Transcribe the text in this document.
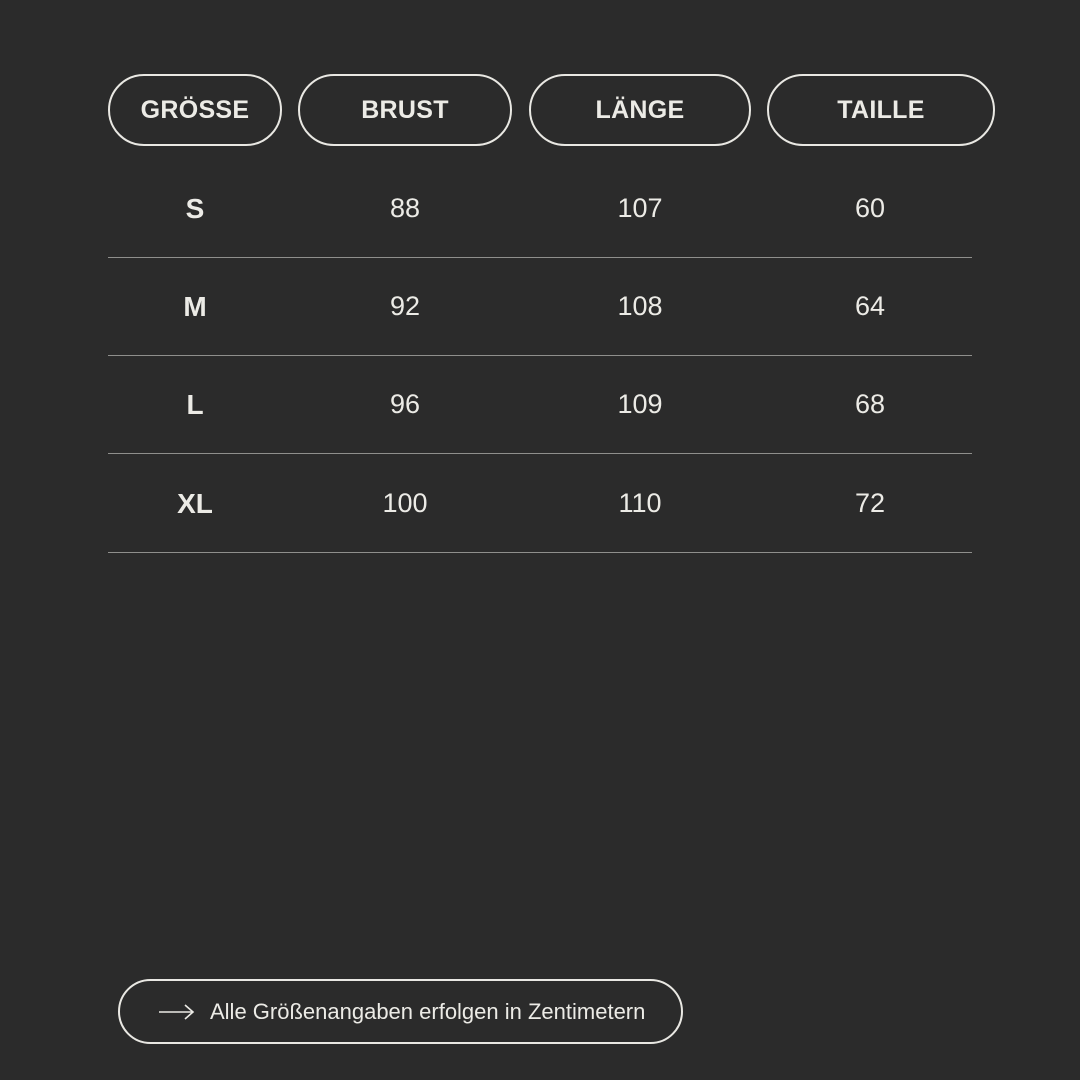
GRÖSSE	BRUST	LÄNGE	TAILLE
S	88	107	60
M	92	108	64
L	96	109	68
XL	100	110	72
Alle Größenangaben erfolgen in Zentimetern
